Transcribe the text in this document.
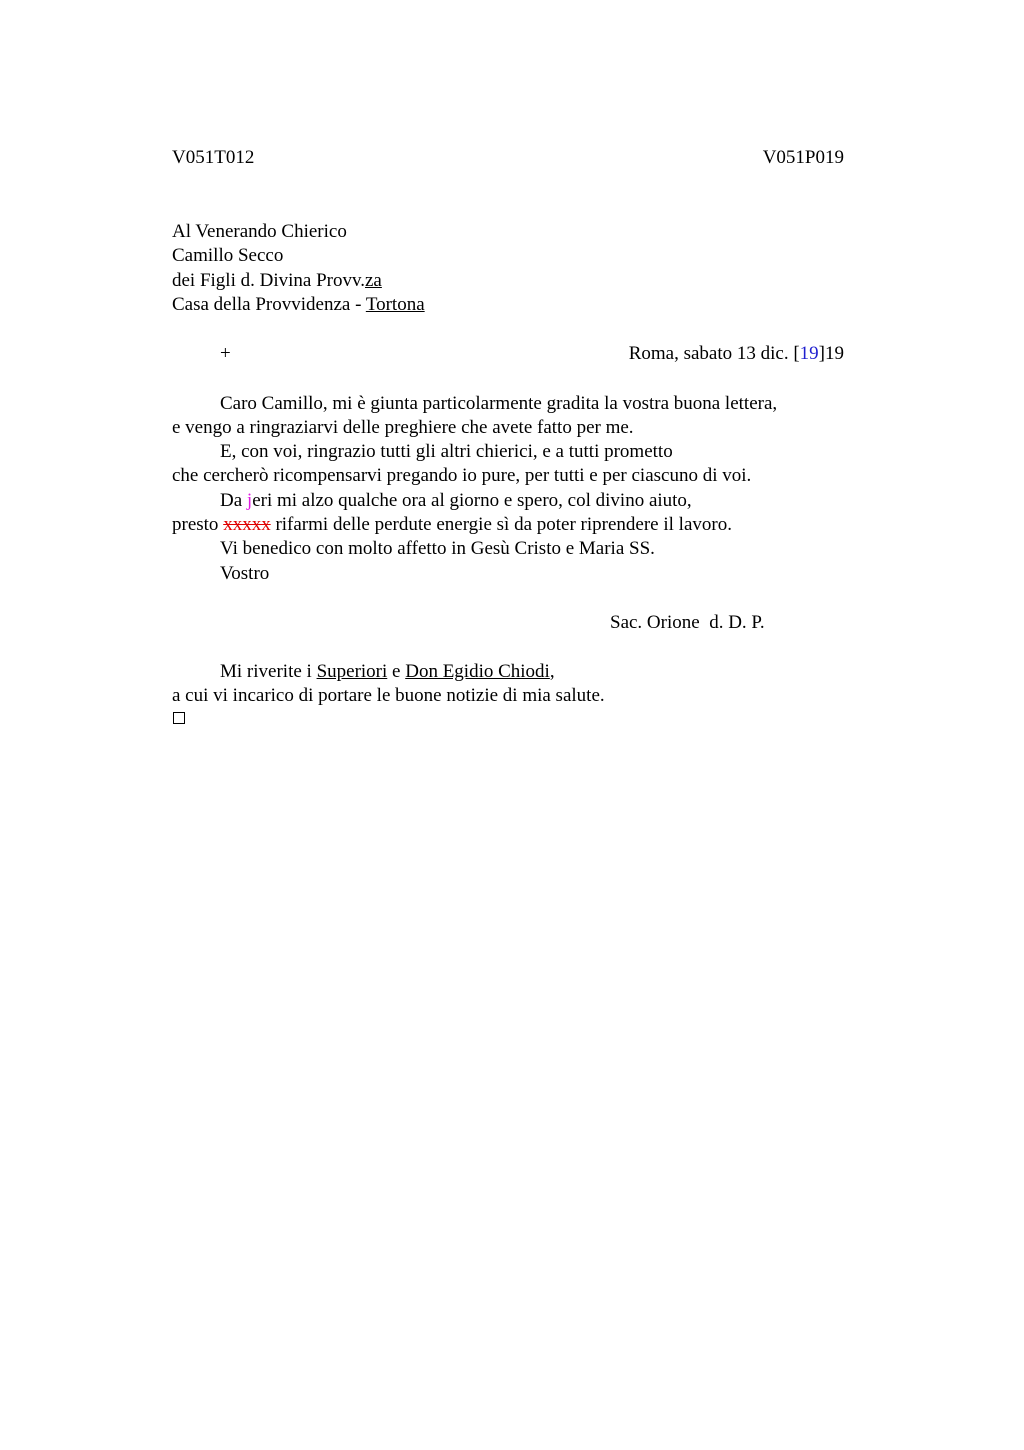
V051T012	V051P019
Al Venerando Chierico
Camillo Secco
dei Figli d. Divina Provv.za
Casa della Provvidenza - Tortona
+	Roma, sabato 13 dic. [19]19
Caro Camillo, mi è giunta particolarmente gradita la vostra buona lettera,
e vengo a ringraziarvi delle preghiere che avete fatto per me.
E, con voi, ringrazio tutti gli altri chierici, e a tutti prometto
che cercherò ricompensarvi pregando io pure, per tutti e per ciascuno di voi.
Da jeri mi alzo qualche ora al giorno e spero, col divino aiuto,
presto xxxxx rifarmi delle perdute energie sì da poter riprendere il lavoro.
Vi benedico con molto affetto in Gesù Cristo e Maria SS.
Vostro
Sac. Orione  d. D. P.
Mi riverite i Superiori e Don Egidio Chiodi,
a cui vi incarico di portare le buone notizie di mia salute.
